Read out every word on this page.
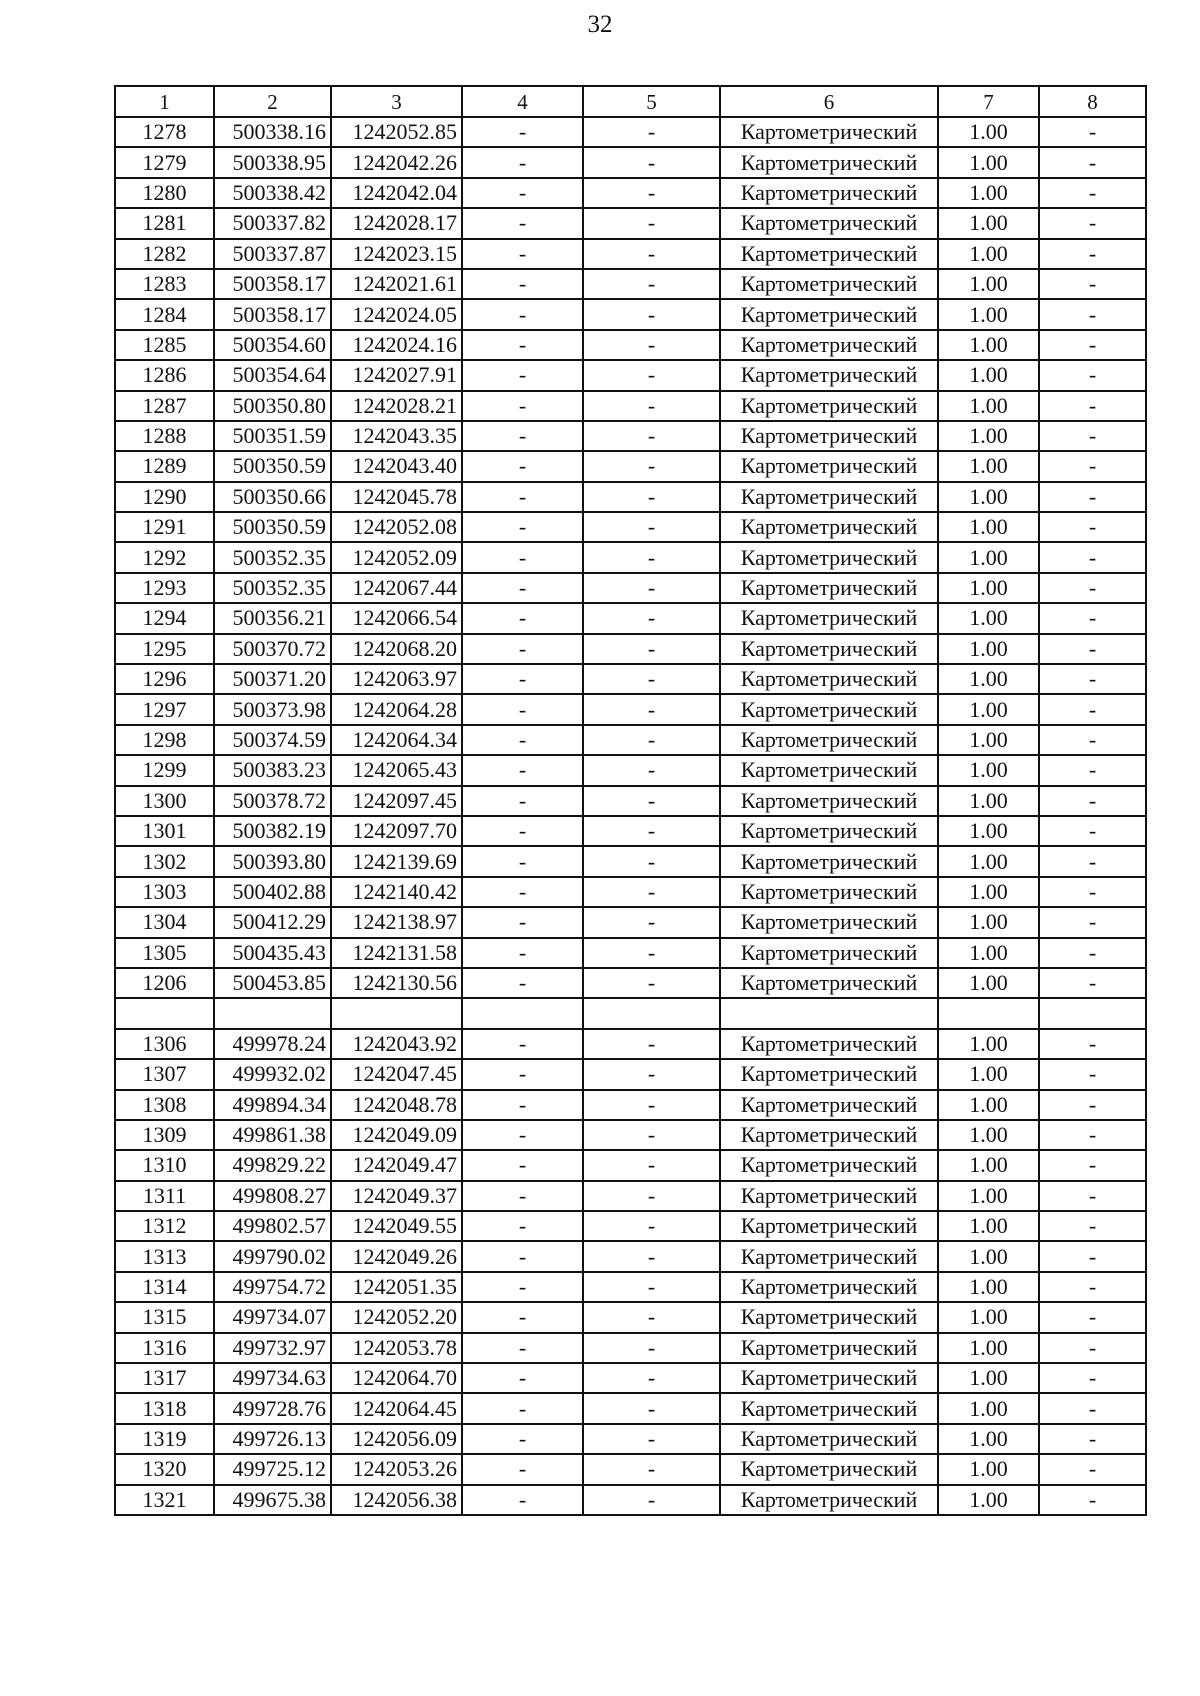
32
1	2	3	4	5	6	7	8
1278	500338.16	1242052.85	-	-	Картометрический	1.00	-
1279	500338.95	1242042.26	-	-	Картометрический	1.00	-
1280	500338.42	1242042.04	-	-	Картометрический	1.00	-
1281	500337.82	1242028.17	-	-	Картометрический	1.00	-
1282	500337.87	1242023.15	-	-	Картометрический	1.00	-
1283	500358.17	1242021.61	-	-	Картометрический	1.00	-
1284	500358.17	1242024.05	-	-	Картометрический	1.00	-
1285	500354.60	1242024.16	-	-	Картометрический	1.00	-
1286	500354.64	1242027.91	-	-	Картометрический	1.00	-
1287	500350.80	1242028.21	-	-	Картометрический	1.00	-
1288	500351.59	1242043.35	-	-	Картометрический	1.00	-
1289	500350.59	1242043.40	-	-	Картометрический	1.00	-
1290	500350.66	1242045.78	-	-	Картометрический	1.00	-
1291	500350.59	1242052.08	-	-	Картометрический	1.00	-
1292	500352.35	1242052.09	-	-	Картометрический	1.00	-
1293	500352.35	1242067.44	-	-	Картометрический	1.00	-
1294	500356.21	1242066.54	-	-	Картометрический	1.00	-
1295	500370.72	1242068.20	-	-	Картометрический	1.00	-
1296	500371.20	1242063.97	-	-	Картометрический	1.00	-
1297	500373.98	1242064.28	-	-	Картометрический	1.00	-
1298	500374.59	1242064.34	-	-	Картометрический	1.00	-
1299	500383.23	1242065.43	-	-	Картометрический	1.00	-
1300	500378.72	1242097.45	-	-	Картометрический	1.00	-
1301	500382.19	1242097.70	-	-	Картометрический	1.00	-
1302	500393.80	1242139.69	-	-	Картометрический	1.00	-
1303	500402.88	1242140.42	-	-	Картометрический	1.00	-
1304	500412.29	1242138.97	-	-	Картометрический	1.00	-
1305	500435.43	1242131.58	-	-	Картометрический	1.00	-
1206	500453.85	1242130.56	-	-	Картометрический	1.00	-

1306	499978.24	1242043.92	-	-	Картометрический	1.00	-
1307	499932.02	1242047.45	-	-	Картометрический	1.00	-
1308	499894.34	1242048.78	-	-	Картометрический	1.00	-
1309	499861.38	1242049.09	-	-	Картометрический	1.00	-
1310	499829.22	1242049.47	-	-	Картометрический	1.00	-
1311	499808.27	1242049.37	-	-	Картометрический	1.00	-
1312	499802.57	1242049.55	-	-	Картометрический	1.00	-
1313	499790.02	1242049.26	-	-	Картометрический	1.00	-
1314	499754.72	1242051.35	-	-	Картометрический	1.00	-
1315	499734.07	1242052.20	-	-	Картометрический	1.00	-
1316	499732.97	1242053.78	-	-	Картометрический	1.00	-
1317	499734.63	1242064.70	-	-	Картометрический	1.00	-
1318	499728.76	1242064.45	-	-	Картометрический	1.00	-
1319	499726.13	1242056.09	-	-	Картометрический	1.00	-
1320	499725.12	1242053.26	-	-	Картометрический	1.00	-
1321	499675.38	1242056.38	-	-	Картометрический	1.00	-
